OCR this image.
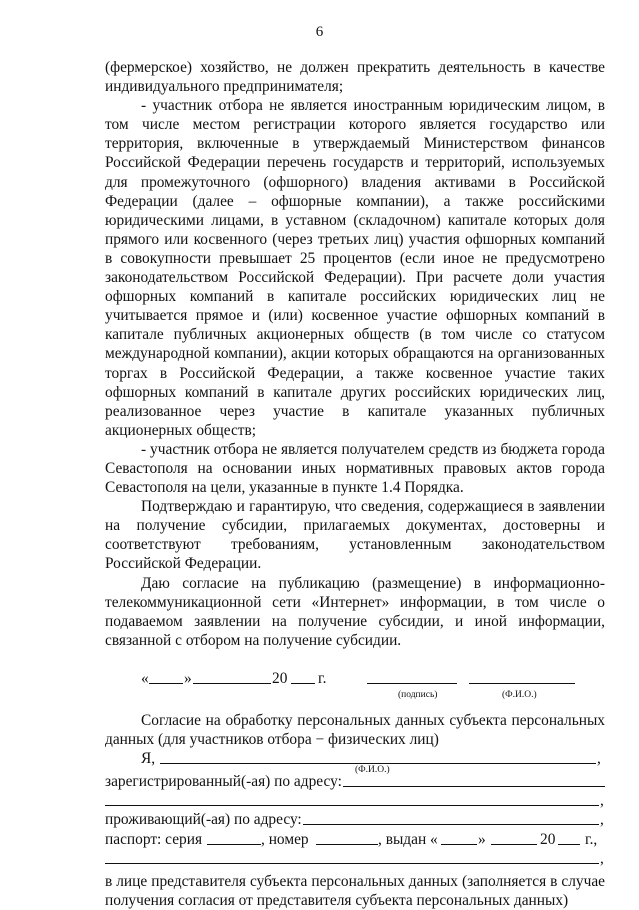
6

(фермерское) хозяйство, не должен прекратить деятельность в качестве индивидуального предпринимателя;

- участник отбора не является иностранным юридическим лицом, в том числе местом регистрации которого является государство или территория, включенные в утверждаемый Министерством финансов Российской Федерации перечень государств и территорий, используемых для промежуточного (офшорного) владения активами в Российской Федерации (далее – офшорные компании), а также российскими юридическими лицами, в уставном (складочном) капитале которых доля прямого или косвенного (через третьих лиц) участия офшорных компаний в совокупности превышает 25 процентов (если иное не предусмотрено законодательством Российской Федерации). При расчете доли участия офшорных компаний в капитале российских юридических лиц не учитывается прямое и (или) косвенное участие офшорных компаний в капитале публичных акционерных обществ (в том числе со статусом международной компании), акции которых обращаются на организованных торгах в Российской Федерации, а также косвенное участие таких офшорных компаний в капитале других российских юридических лиц, реализованное через участие в капитале указанных публичных акционерных обществ;

- участник отбора не является получателем средств из бюджета города Севастополя на основании иных нормативных правовых актов города Севастополя на цели, указанные в пункте 1.4 Порядка.

Подтверждаю и гарантирую, что сведения, содержащиеся в заявлении на получение субсидии, прилагаемых документах, достоверны и соответствуют требованиям, установленным законодательством Российской Федерации.

Даю согласие на публикацию (размещение) в информационно-телекоммуникационной сети «Интернет» информации, в том числе о подаваемом заявлении на получение субсидии, и иной информации, связанной с отбором на получение субсидии.

« »	20 г.
(подпись)	(Ф.И.О.)

Согласие на обработку персональных данных субъекта персональных данных (для участников отбора − физических лиц)

Я,	,
(Ф.И.О.)
зарегистрированный(-ая) по адресу:
,
проживающий(-ая) по адресу:	,
паспорт: серия	, номер	, выдан «	»	20 г.,
,

в лице представителя субъекта персональных данных (заполняется в случае получения согласия от представителя субъекта персональных данных)
